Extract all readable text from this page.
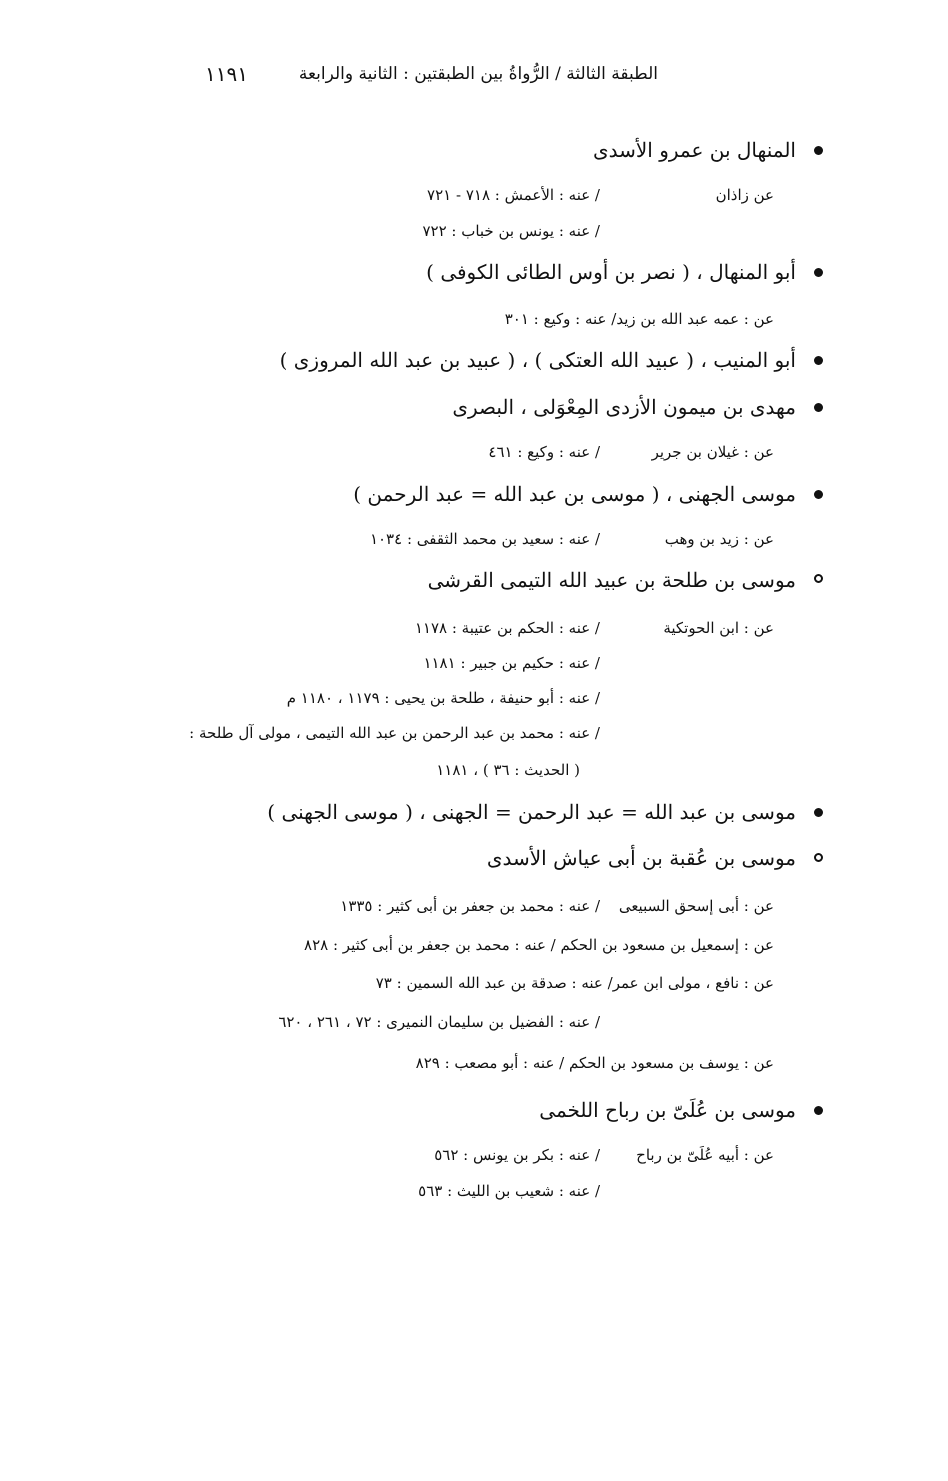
الطبقة الثالثة / الرُّواةُ بين الطبقتين : الثانية والرابعة
١١٩١
المنهال بن عمرو الأسدى
عن زاذان
/ عنه : الأعمش : ٧١٨ - ٧٢١
/ عنه : يونس بن خباب : ٧٢٢
أبو المنهال ، ( نصر بن أوس الطائى الكوفى )
عن : عمه عبد الله بن زيد/ عنه : وكيع : ٣٠١
أبو المنيب ، ( عبيد الله العتكى ) ، ( عبيد بن عبد الله المروزى )
مهدى بن ميمون الأزدى المِعْوَلى ، البصرى
عن : غيلان بن جرير
/ عنه : وكيع : ٤٦١
موسى الجهنى ، ( موسى بن عبد الله = عبد الرحمن )
عن : زيد بن وهب
/ عنه : سعيد بن محمد الثقفى : ١٠٣٤
موسى بن طلحة بن عبيد الله التيمى القرشى
عن : ابن الحوتكية
/ عنه : الحكم بن عتيبة : ١١٧٨
/ عنه : حكيم بن جبير : ١١٨١
/ عنه : أبو حنيفة ، طلحة بن يحيى : ١١٧٩ ، ١١٨٠ م
/ عنه : محمد بن عبد الرحمن بن عبد الله التيمى ، مولى آل طلحة :
( الحديث : ٣٦ ) ، ١١٨١
موسى بن عبد الله = عبد الرحمن = الجهنى ، ( موسى الجهنى )
موسى بن عُقبة بن أبى عياش الأسدى
عن : أبى إسحق السبيعى
/ عنه : محمد بن جعفر بن أبى كثير : ١٣٣٥
عن : إسمعيل بن مسعود بن الحكم / عنه : محمد بن جعفر بن أبى كثير : ٨٢٨
عن : نافع ، مولى ابن عمر/ عنه : صدقة بن عبد الله السمين : ٧٣
/ عنه : الفضيل بن سليمان النميرى : ٧٢ ، ٢٦١ ، ٦٢٠
عن : يوسف بن مسعود بن الحكم / عنه : أبو مصعب : ٨٢٩
موسى بن عُلَىّ بن رباح اللخمى
عن : أبيه عُلَىّ بن رباح
/ عنه : بكر بن يونس : ٥٦٢
/ عنه : شعيب بن الليث : ٥٦٣
